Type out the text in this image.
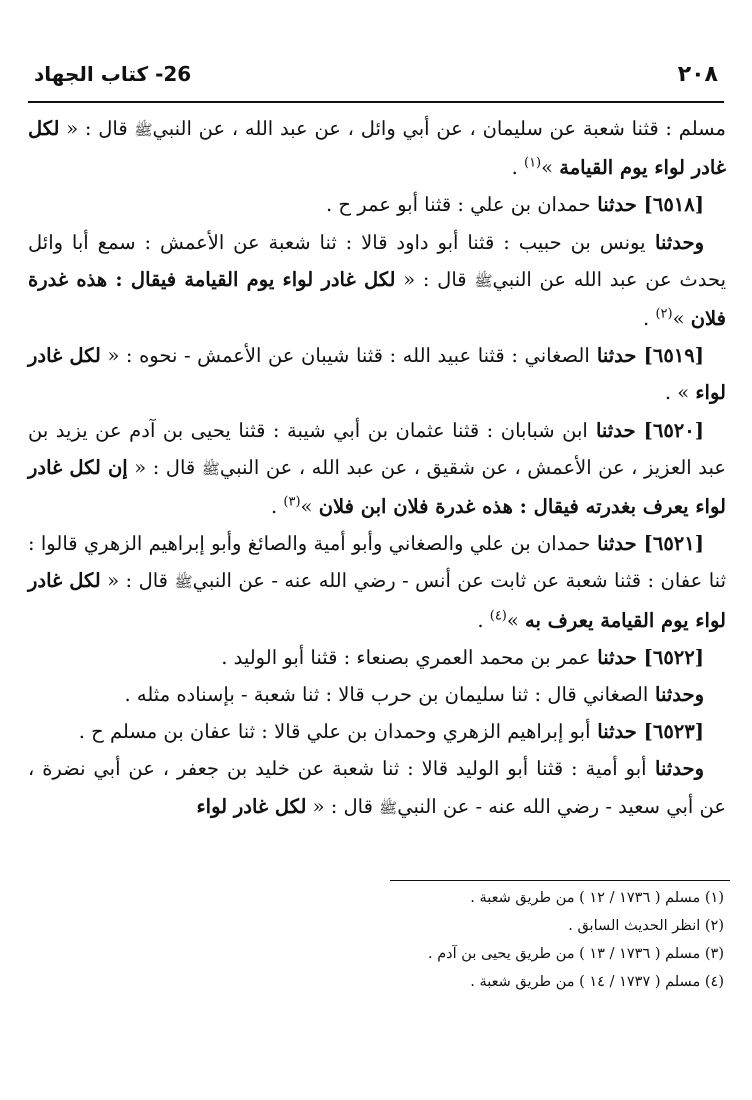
٢٠٨
26- كتاب الجهاد

مسلم : قثنا شعبة عن سليمان ، عن أبي وائل ، عن عبد الله ، عن النبيﷺ قال : « لكل غادر لواء يوم القيامة »$^{(١)}$ .

[٦٥١٨] حدثنا حمدان بن علي : قثنا أبو عمر ح .

وحدثنا يونس بن حبيب : قثنا أبو داود قالا : ثنا شعبة عن الأعمش : سمع أبا وائل يحدث عن عبد الله عن النبيﷺ قال : « لكل غادر لواء يوم القيامة فيقال : هذه غدرة فلان »$^{(٢)}$ .

[٦٥١٩] حدثنا الصغاني : قثنا عبيد الله : قثنا شيبان عن الأعمش - نحوه : « لكل غادر لواء » .

[٦٥٢٠] حدثنا ابن شبابان : قثنا عثمان بن أبي شيبة : قثنا يحيى بن آدم عن يزيد بن عبد العزيز ، عن الأعمش ، عن شقيق ، عن عبد الله ، عن النبيﷺ قال : « إن لكل غادر لواء يعرف بغدرته فيقال : هذه غدرة فلان ابن فلان »$^{(٣)}$ .

[٦٥٢١] حدثنا حمدان بن علي والصغاني وأبو أمية والصائغ وأبو إبراهيم الزهري قالوا : ثنا عفان : قثنا شعبة عن ثابت عن أنس - رضي الله عنه - عن النبيﷺ قال : « لكل غادر لواء يوم القيامة يعرف به »$^{(٤)}$ .

[٦٥٢٢] حدثنا عمر بن محمد العمري بصنعاء : قثنا أبو الوليد .

وحدثنا الصغاني قال : ثنا سليمان بن حرب قالا : ثنا شعبة - بإسناده مثله .

[٦٥٢٣] حدثنا أبو إبراهيم الزهري وحمدان بن علي قالا : ثنا عفان بن مسلم ح .

وحدثنا أبو أمية : قثنا أبو الوليد قالا : ثنا شعبة عن خليد بن جعفر ، عن أبي نضرة ، عن أبي سعيد - رضي الله عنه - عن النبيﷺ قال : « لكل غادر لواء

(١) مسلم ( ١٧٣٦ / ١٢ ) من طريق شعبة .
(٢) انظر الحديث السابق .
(٣) مسلم ( ١٧٣٦ / ١٣ ) من طريق يحيى بن آدم .
(٤) مسلم ( ١٧٣٧ / ١٤ ) من طريق شعبة .
